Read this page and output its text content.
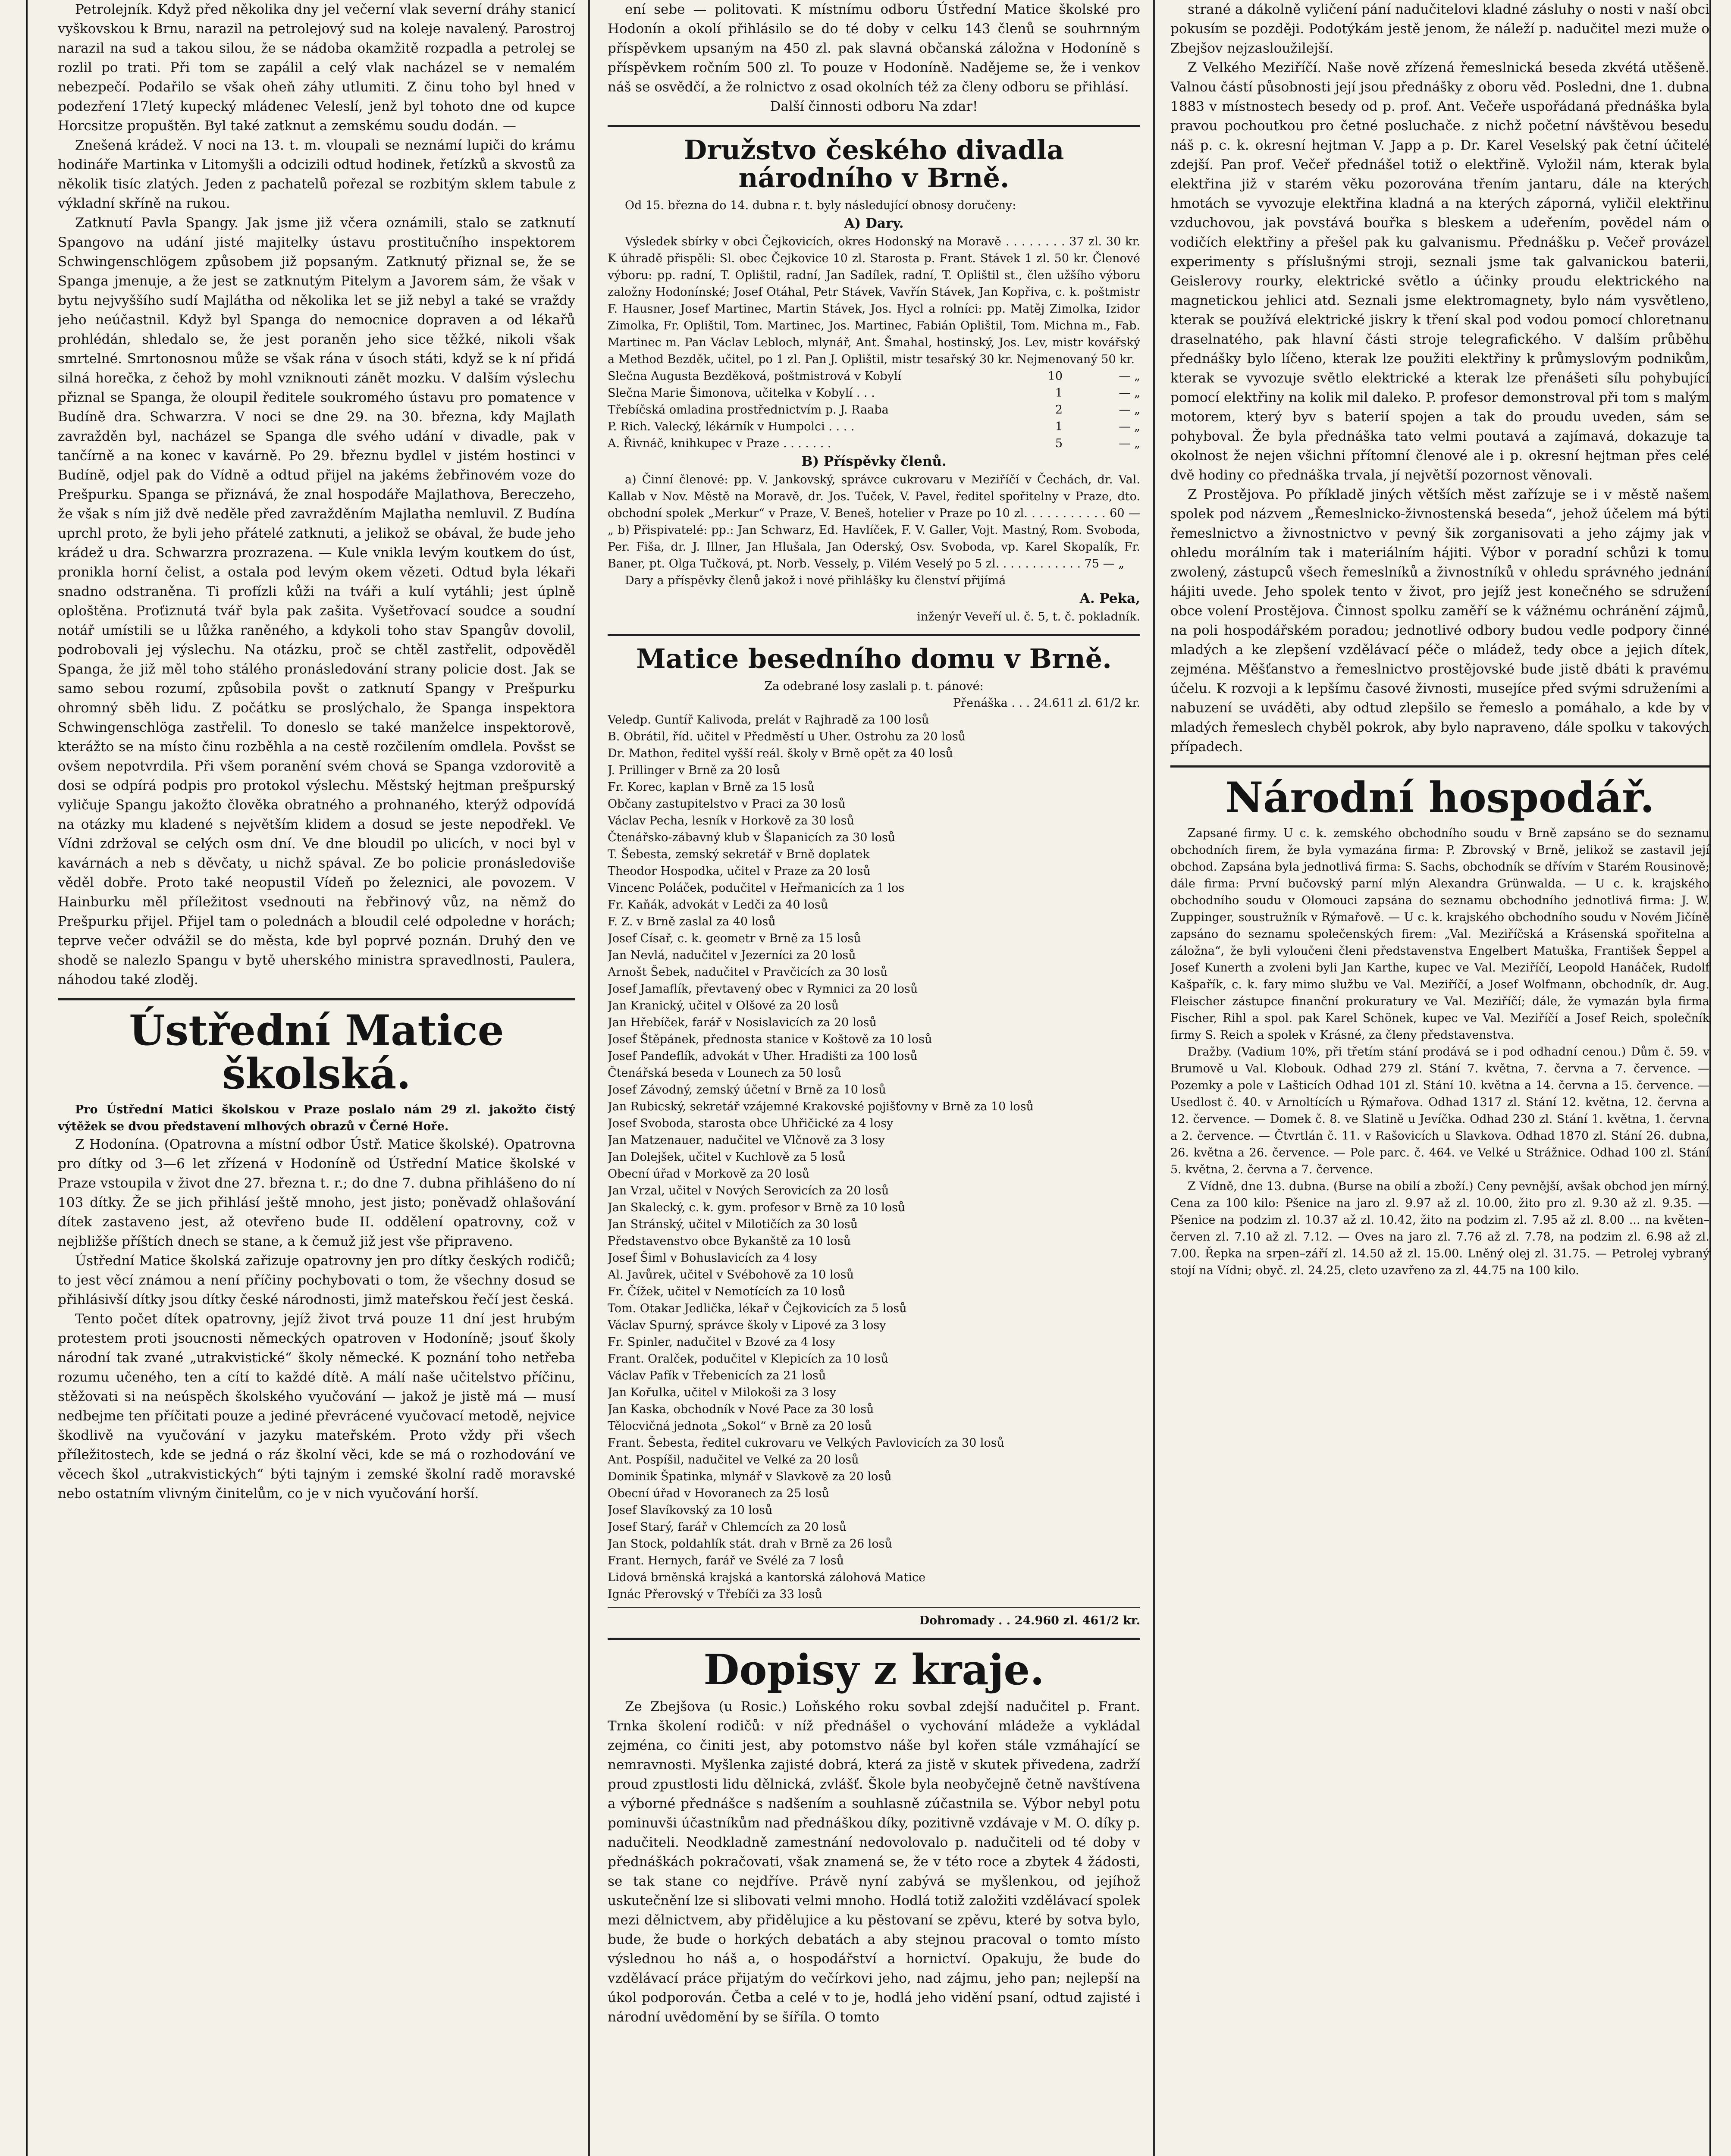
Petrolejník. Když před několika dny jel večerní vlak severní dráhy stanicí vyškovskou k Brnu, narazil na petrolejový sud na koleje navalený. Parostroj narazil na sud a takou silou, že se nádoba okamžitě rozpadla a petrolej se rozlil po trati. Při tom se zapálil a celý vlak nacházel se v nemalém nebezpečí. Podařilo se však oheň záhy utlumiti. Z činu toho byl hned v podezření 17letý kupecký mládenec Veleslí, jenž byl tohoto dne od kupce Horcsitze propuštěn. Byl také zatknut a zemskému soudu dodán. —

Znešená krádež. V noci na 13. t. m. vloupali se neznámí lupiči do krámu hodináře Martinka v Litomyšli a odcizili odtud hodinek, řetízků a skvostů za několik tisíc zlatých. Jeden z pachatelů pořezal se rozbitým sklem tabule z výkladní skříně na rukou.

Zatknutí Pavla Spangy. Jak jsme již včera oznámili, stalo se zatknutí Spangovo na udání jisté majitelky ústavu prostitučního inspektorem Schwingenschlögem způsobem již popsaným. Zatknutý přiznal se, že se Spanga jmenuje, a že jest se zatknutým Pitelym a Javorem sám, že však v bytu nejvyššího sudí Majlátha od několika let se již nebyl a také se vraždy jeho neúčastnil. Když byl Spanga do nemocnice dopraven a od lékařů prohlédán, shledalo se, že jest poraněn jeho sice těžké, nikoli však smrtelné. Smrtonosnou může se však rána v úsoch státi, když se k ní přidá silná horečka, z čehož by mohl vzniknouti zánět mozku. V dalším výslechu přiznal se Spanga, že oloupil ředitele soukromého ústavu pro pomatence v Budíně dra. Schwarzra. V noci se dne 29. na 30. března, kdy Majlath zavražděn byl, nacházel se Spanga dle svého udání v divadle, pak v tančírně a na konec v kavárně. Po 29. březnu bydlel v jistém hostinci v Budíně, odjel pak do Vídně a odtud přijel na jakéms žebřinovém voze do Prešpurku. Spanga se přiznává, že znal hospodáře Majlathova, Bereczeho, že však s ním již dvě neděle před zavražděním Majlatha nemluvil. Z Budína uprchl proto, že byli jeho přátelé zatknuti, a jelikož se obával, že bude jeho krádež u dra. Schwarzra prozrazena. — Kule vnikla levým koutkem do úst, pronikla horní čelist, a ostala pod levým okem vězeti. Odtud byla lékaři snadno odstraněna. Ti profízli kůži na tváři a kulí vytáhli; jest úplně oploštěna. Proťiznutá tvář byla pak zašita. Vyšetřovací soudce a soudní notář umístili se u lůžka raněného, a kdykoli toho stav Spangův dovolil, podrobovali jej výslechu. Na otázku, proč se chtěl zastřelit, odpověděl Spanga, že již měl toho stálého pronásledování strany policie dost. Jak se samo sebou rozumí, způsobila povšt o zatknutí Spangy v Prešpurku ohromný sběh lidu. Z počátku se proslýchalo, že Spanga inspektora Schwingenschlöga zastřelil. To doneslo se také manželce inspektorově, kterážto se na místo činu rozběhla a na cestě rozčilením omdlela. Povšst se ovšem nepotvrdila. Při všem poranění svém chová se Spanga vzdorovitě a dosi se odpírá podpis pro protokol výslechu. Městský hejtman prešpurský vyličuje Spangu jakožto člověka obratného a prohnaného, kterýž odpovídá na otázky mu kladené s největším klidem a dosud se jeste nepodřekl. Ve Vídni zdržoval se celých osm dní. Ve dne bloudil po ulicích, v noci byl v kavárnách a neb s děvčaty, u nichž spával. Ze bo policie pronásledoviše věděl dobře. Proto také neopustil Vídeň po železnici, ale povozem. V Hainburku měl příležitost vsednouti na řebřinový vůz, na němž do Prešpurku přijel. Přijel tam o polednách a bloudil celé odpoledne v horách; teprve večer odvážil se do města, kde byl poprvé poznán. Druhý den ve shodě se nalezlo Spangu v bytě uherského ministra spravedlnosti, Paulera, náhodou také zloděj.

Ústřední Matice školská.

Pro Ústřední Matici školskou v Praze poslalo nám 29 zl. jakožto čistý výtěžek se dvou představení mlhových obrazů v Černé Hoře.

Z Hodonína. (Opatrovna a místní odbor Ústř. Matice školské). Opatrovna pro dítky od 3—6 let zřízená v Hodoníně od Ústřední Matice školské v Praze vstoupila v život dne 27. března t. r.; do dne 7. dubna přihlášeno do ní 103 dítky. Že se jich přihlásí ještě mnoho, jest jisto; poněvadž ohlašování dítek zastaveno jest, až otevřeno bude II. oddělení opatrovny, což v nejbližše příštích dnech se stane, a k čemuž již jest vše připraveno.

Ústřední Matice školská zařizuje opatrovny jen pro dítky českých rodičů; to jest věcí známou a není příčiny pochybovati o tom, že všechny dosud se přihlásivší dítky jsou dítky české národnosti, jimž mateřskou řečí jest česká.

Tento počet dítek opatrovny, jejíž život trvá pouze 11 dní jest hrubým protestem proti jsoucnosti německých opatroven v Hodoníně; jsouť školy národní tak zvané „utrakvistické“ školy německé. K poznání toho netřeba rozumu učeného, ten a cítí to každé dítě. A málí naše učitelstvo příčinu, stěžovati si na neúspěch školského vyučování — jakož je jistě má — musí nedbejme ten příčitati pouze a jediné převrácené vyučovací metodě, nejvice škodlivě na vyučování v jazyku mateřském. Proto vždy při všech příležitostech, kde se jedná o ráz školní věci, kde se má o rozhodování ve věcech škol „utrakvistických“ býti tajným i zemské školní radě moravské nebo ostatním vlivným činitelům, co je v nich vyučování horší.

ení sebe — politovati. K místnímu odboru Ústřední Matice školské pro Hodonín a okolí přihlásilo se do té doby v celku 143 členů se souhrnným příspěvkem upsaným na 450 zl. pak slavná občanská záložna v Hodoníně s příspěvkem ročním 500 zl. To pouze v Hodoníně. Nadějeme se, že i venkov náš se osvědčí, a že rolnictvo z osad okolních též za členy odboru se přihlásí.

Další činnosti odboru Na zdar!

Družstvo českého divadla národního v Brně.

Od 15. března do 14. dubna r. t. byly následující obnosy doručeny:

A) Dary.

Výsledek sbírky v obci Čejkovicích, okres Hodonský na Moravě . . . . . . . . 37 zl. 30 kr. K úhradě přispěli: Sl. obec Čejkovice 10 zl. Starosta p. Frant. Stávek 1 zl. 50 kr. Členové výboru: pp. radní, T. Oplištil, radní, Jan Sadílek, radní, T. Oplištil st., člen užšího výboru založny Hodonínské; Josef Otáhal, Petr Stávek, Vavřín Stávek, Jan Kopřiva, c. k. poštmistr F. Hausner, Josef Martinec, Martin Stávek, Jos. Hycl a rolníci: pp. Matěj Zimolka, Izidor Zimolka, Fr. Oplištil, Tom. Martinec, Jos. Martinec, Fabián Oplištil, Tom. Michna m., Fab. Martinec m. Pan Václav Lebloch, mlynář, Ant. Šmahal, hostinský, Jos. Lev, mistr kovářský a Method Bezděk, učitel, po 1 zl. Pan J. Oplištil, mistr tesařský 30 kr. Nejmenovaný 50 kr.

Slečna Augusta Bezděková, poštmistrová v Kobylí	10	— „
Slečna Marie Šimonova, učitelka v Kobylí . . .	1	— „
Třebíčská omladina prostřednictvím p. J. Raaba	2	— „
P. Rich. Valecký, lékárník v Humpolci . . . .	1	— „
A. Řivnáč, knihkupec v Praze . . . . . . .	5	— „

B) Příspěvky členů.

a) Činní členové: pp. V. Jankovský, správce cukrovaru v Meziříčí v Čechách, dr. Val. Kallab v Nov. Městě na Moravě, dr. Jos. Tuček, V. Pavel, ředitel spořitelny v Praze, dto. obchodní spolek „Merkur“ v Praze, V. Beneš, hotelier v Praze po 10 zl. . . . . . . . . . . 60 — „ b) Přispivatelé: pp.: Jan Schwarz, Ed. Havlíček, F. V. Galler, Vojt. Mastný, Rom. Svoboda, Per. Fiša, dr. J. Illner, Jan Hlušala, Jan Oderský, Osv. Svoboda, vp. Karel Skopalík, Fr. Baner, pt. Olga Tučková, pt. Norb. Vessely, p. Vilém Veselý po 5 zl. . . . . . . . . . . . 75 — „

Dary a příspěvky členů jakož i nové přihlášky ku členství přijímá

A. Peka,

inženýr Veveří ul. č. 5, t. č. pokladník.

Matice besedního domu v Brně.

Za odebrané losy zaslali p. t. pánové:

Přenáška . . . 24.611 zl. 61/2 kr.

Veledp. Guntíř Kalivoda, prelát v Rajhradě za 100 losů
B. Obrátil, říd. učitel v Předměstí u Uher. Ostrohu za 20 losů
Dr. Mathon, ředitel vyšší reál. školy v Brně opět za 40 losů
J. Prillinger v Brně za 20 losů
Fr. Korec, kaplan v Brně za 15 losů
Občany zastupitelstvo v Praci za 30 losů
Václav Pecha, lesník v Horkově za 30 losů
Čtenářsko-zábavný klub v Šlapanicích za 30 losů
T. Šebesta, zemský sekretář v Brně doplatek
Theodor Hospodka, učitel v Praze za 20 losů
Vincenc Poláček, podučitel v Heřmanicích za 1 los
Fr. Kaňák, advokát v Ledči za 40 losů
F. Z. v Brně zaslal za 40 losů
Josef Císař, c. k. geometr v Brně za 15 losů
Jan Nevlá, nadučitel v Jezerníci za 20 losů
Arnošt Šebek, nadučitel v Pravčicích za 30 losů
Josef Jamaflík, převtavený obec v Rymnici za 20 losů
Jan Kranický, učitel v Olšové za 20 losů
Jan Hřebíček, farář v Nosislavicích za 20 losů
Josef Štěpánek, přednosta stanice v Koštově za 10 losů
Josef Pandeflík, advokát v Uher. Hradišti za 100 losů
Čtenářská beseda v Lounech za 50 losů
Josef Závodný, zemský účetní v Brně za 10 losů
Jan Rubicský, sekretář vzájemné Krakovské pojišťovny v Brně za 10 losů
Josef Svoboda, starosta obce Uhřičické za 4 losy
Jan Matzenauer, nadučitel ve Vlčnově za 3 losy
Jan Dolejšek, učitel v Kuchlově za 5 losů
Obecní úřad v Morkově za 20 losů
Jan Vrzal, učitel v Nových Serovicích za 20 losů
Jan Skalecký, c. k. gym. profesor v Brně za 10 losů
Jan Stránský, učitel v Milotičích za 30 losů
Představenstvo obce Bykanště za 10 losů
Josef Šiml v Bohuslavicích za 4 losy
Al. Javůrek, učitel v Svébohově za 10 losů
Fr. Čížek, učitel v Nemotících za 10 losů
Tom. Otakar Jedlička, lékař v Čejkovicích za 5 losů
Václav Spurný, správce školy v Lipové za 3 losy
Fr. Spinler, nadučitel v Bzové za 4 losy
Frant. Oralček, podučitel v Klepicích za 10 losů
Václav Pafík v Třebenicích za 21 losů
Jan Kořulka, učitel v Milokoši za 3 losy
Jan Kaska, obchodník v Nové Pace za 30 losů
Tělocvičná jednota „Sokol“ v Brně za 20 losů
Frant. Šebesta, ředitel cukrovaru ve Velkých Pavlovicích za 30 losů
Ant. Pospíšil, nadučitel ve Velké za 20 losů
Dominik Špatinka, mlynář v Slavkově za 20 losů
Obecní úřad v Hovoranech za 25 losů
Josef Slavíkovský za 10 losů
Josef Starý, farář v Chlemcích za 20 losů
Jan Stock, poldahlík stát. drah v Brně za 26 losů
Frant. Hernych, farář ve Svélé za 7 losů
Lidová brněnská krajská a kantorská zálohová Matice
Ignác Přerovský v Třebíči za 33 losů

Dohromady . . 24.960 zl. 461/2 kr.

Dopisy z kraje.

Ze Zbejšova (u Rosic.) Loňského roku sovbal zdejší nadučitel p. Frant. Trnka školení rodičů: v níž přednášel o vychování mládeže a vykládal zejména, co činiti jest, aby potomstvo náše byl kořen stále vzmáhající se nemravnosti. Myšlenka zajisté dobrá, která za jistě v skutek přivedena, zadrží proud zpustlosti lidu dělnická, zvlášť. Škole byla neobyčejně četně navštívena a výborné přednášce s nadšením a souhlasně zúčastnila se. Výbor nebyl potu pominuvši účastníkům nad přednáškou díky, pozitivně vzdávaje v M. O. díky p. nadučiteli. Neodkladně zamestnání nedovolovalo p. nadučiteli od té doby v přednáškách pokračovati, však znamená se, že v této roce a zbytek 4 žádosti, se tak stane co nejdříve. Právě nyní zabývá se myšlenkou, od jejíhož uskutečnění lze si slibovati velmi mnoho. Hodlá totiž založiti vzdělávací spolek mezi dělnictvem, aby přidělujice a ku pěstovaní se zpěvu, které by sotva bylo, bude, že bude o horkých debatách a aby stejnou pracoval o tomto místo výslednou ho náš a, o hospodářství a hornictví. Opakuju, že bude do vzdělávací práce přijatým do večírkovi jeho, nad zájmu, jeho pan; nejlepší na úkol podporován. Četba a celé v to je, hodlá jeho vidění psaní, odtud zajisté i národní uvědomění by se šíříla. O tomto

strané a dákolně vyličení pání nadučitelovi kladné zásluhy o nosti v naší obci pokusím se později. Podotýkám jestě jenom, že náleží p. nadučitel mezi muže o Zbejšov nejzasloužilejší.

Z Velkého Meziříčí. Naše nově zřízená řemeslnická beseda zkvétá utěšeně. Valnou částí působnosti její jsou přednášky z oboru věd. Posledni, dne 1. dubna 1883 v místnostech besedy od p. prof. Ant. Večeře uspořádaná přednáška byla pravou pochoutkou pro četné posluchače. z nichž početní návštěvou besedu náš p. c. k. okresní hejtman V. Japp a p. Dr. Karel Veselský pak četní účitelé zdejší. Pan prof. Večeř přednášel totiž o elektřině. Vyložil nám, kterak byla elektřina již v starém věku pozorována třením jantaru, dále na kterých hmotách se vyvozuje elektřina kladná a na kterých záporná, vyličil elektřinu vzduchovou, jak povstává bouřka s bleskem a udeřením, povědel nám o vodičích elektřiny a přešel pak ku galvanismu. Přednášku p. Večeř provázel experimenty s příslušnými stroji, seznali jsme tak galvanickou baterii, Geislerovy rourky, elektrické světlo a účinky proudu elektrického na magnetickou jehlici atd. Seznali jsme elektromagnety, bylo nám vysvětleno, kterak se používá elektrické jiskry k tření skal pod vodou pomocí chloretnanu draselnatého, pak hlavní části stroje telegrafického. V dalším průběhu přednášky bylo líčeno, kterak lze použiti elektřiny k průmyslovým podnikům, kterak se vyvozuje světlo elektrické a kterak lze přenášeti sílu pohybující pomocí elektřiny na kolik mil daleko. P. profesor demonstroval při tom s malým motorem, který byv s baterií spojen a tak do proudu uveden, sám se pohyboval. Že byla přednáška tato velmi poutavá a zajímavá, dokazuje ta okolnost že nejen všichni přítomní členové ale i p. okresní hejtman přes celé dvě hodiny co přednáška trvala, jí největší pozornost věnovali.

Z Prostějova. Po příkladě jiných větších měst zařízuje se i v městě našem spolek pod názvem „Řemeslnicko-živnostenská beseda“, jehož účelem má býti řemeslnictvo a živnostnictvo v pevný šik zorganisovati a jeho zájmy jak v ohledu morálním tak i materiálním hájiti. Výbor v poradní schůzi k tomu zwolený, zástupců všech řemeslníků a živnostníků v ohledu správného jednání hájiti uvede. Jeho spolek tento v život, pro jejíž jest konečného se sdružení obce volení Prostějova. Činnost spolku zaměří se k vážnému ochránění zájmů, na poli hospodářském poradou; jednotlivé odbory budou vedle podpory činné mladých a ke zlepšení vzdělávací péče o mládež, tedy obce a jejich dítek, zejména. Měšťanstvo a řemeslnictvo prostějovské bude jistě dbáti k pravému účelu. K rozvoji a k lepšímu časové živnosti, musejíce před svými sdruženími a nabuzení se uváděti, aby odtud zlepšilo se řemeslo a pomáhalo, a kde by v mladých řemeslech chyběl pokrok, aby bylo napraveno, dále spolku v takových případech.

Národní hospodář.

Zapsané firmy. U c. k. zemského obchodního soudu v Brně zapsáno se do seznamu obchodních firem, že byla vymazána firma: P. Zbrovský v Brně, jelikož se zastavil její obchod. Zapsána byla jednotlivá firma: S. Sachs, obchodník se dřívím v Starém Rousinově; dále firma: První bučovský parní mlýn Alexandra Grünwalda. — U c. k. krajského obchodního soudu v Olomouci zapsána do seznamu obchodního jednotlivá firma: J. W. Zuppinger, soustružník v Rýmařově. — U c. k. krajského obchodního soudu v Novém Jičíně zapsáno do seznamu společenských firem: „Val. Meziříčská a Krásenská spořitelna a záložna“, že byli vyloučeni členi představenstva Engelbert Matuška, František Šeppel a Josef Kunerth a zvoleni byli Jan Karthe, kupec ve Val. Meziříčí, Leopold Hanáček, Rudolf Kašpařík, c. k. fary mimo službu ve Val. Meziříčí, a Josef Wolfmann, obchodník, dr. Aug. Fleischer zástupce finanční prokuratury ve Val. Meziříčí; dále, že vymazán byla firma Fischer, Rihl a spol. pak Karel Schönek, kupec ve Val. Meziříčí a Josef Reich, společník firmy S. Reich a spolek v Krásné, za členy představenstva.

Dražby. (Vadium 10%, při třetím stání prodává se i pod odhadní cenou.) Dům č. 59. v Brumově u Val. Klobouk. Odhad 279 zl. Stání 7. května, 7. června a 7. července. — Pozemky a pole v Lašticích Odhad 101 zl. Stání 10. května a 14. června a 15. července. — Usedlost č. 40. v Arnoltících u Rýmařova. Odhad 1317 zl. Stání 12. května, 12. června a 12. července. — Domek č. 8. ve Slatině u Jevíčka. Odhad 230 zl. Stání 1. května, 1. června a 2. července. — Čtvrtlán č. 11. v Rašovicích u Slavkova. Odhad 1870 zl. Stání 26. dubna, 26. května a 26. července. — Pole parc. č. 464. ve Velké u Strážnice. Odhad 100 zl. Stání 5. května, 2. června a 7. července.

Z Vídně, dne 13. dubna. (Burse na obilí a zboží.) Ceny pevnější, avšak obchod jen mírný. Cena za 100 kilo: Pšenice na jaro zl. 9.97 až zl. 10.00, žito pro zl. 9.30 až zl. 9.35. — Pšenice na podzim zl. 10.37 až zl. 10.42, žito na podzim zl. 7.95 až zl. 8.00 ... na květen–červen zl. 7.10 až zl. 7.12. — Oves na jaro zl. 7.76 až zl. 7.78, na podzim zl. 6.98 až zl. 7.00. Řepka na srpen–září zl. 14.50 až zl. 15.00. Lněný olej zl. 31.75. — Petrolej vybraný stojí na Vídni; obyč. zl. 24.25, cleto uzavřeno za zl. 44.75 na 100 kilo.
